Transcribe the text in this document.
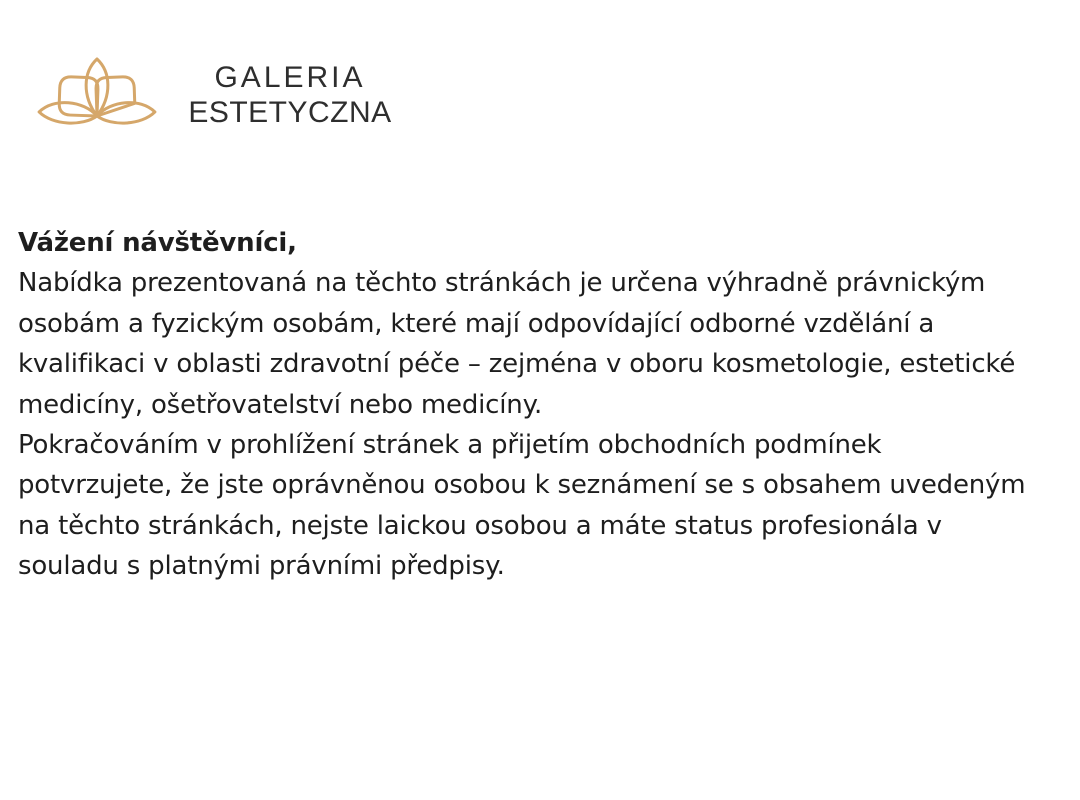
GALERIA
ESTETYCZNA
Vážení návštěvníci,
Nabídka prezentovaná na těchto stránkách je určena výhradně právnickým
osobám a fyzickým osobám, které mají odpovídající odborné vzdělání a
kvalifikaci v oblasti zdravotní péče – zejména v oboru kosmetologie, estetické
medicíny, ošetřovatelství nebo medicíny.
Pokračováním v prohlížení stránek a přijetím obchodních podmínek
potvrzujete, že jste oprávněnou osobou k seznámení se s obsahem uvedeným
na těchto stránkách, nejste laickou osobou a máte status profesionála v
souladu s platnými právními předpisy.
